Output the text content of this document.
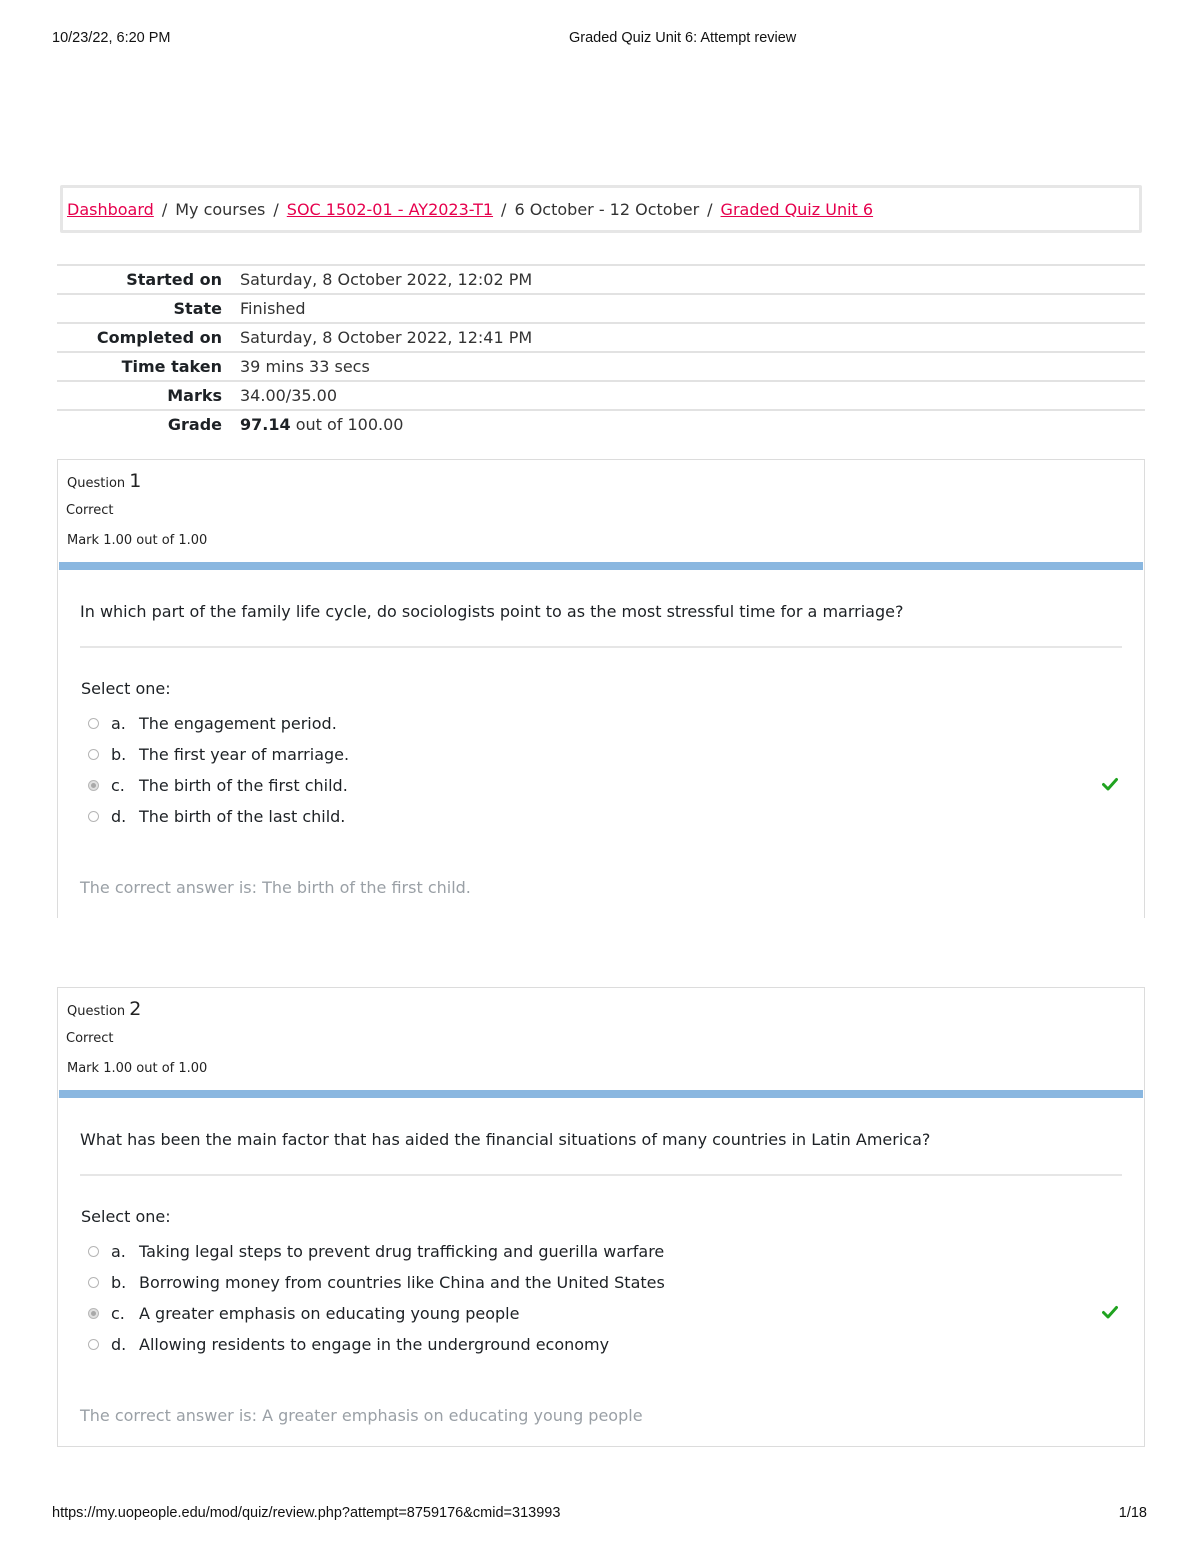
10/23/22, 6:20 PM	Graded Quiz Unit 6: Attempt review
Dashboard / My courses / SOC 1502-01 - AY2023-T1 / 6 October - 12 October / Graded Quiz Unit 6
Started on Saturday, 8 October 2022, 12:02 PM
State Finished
Completed on Saturday, 8 October 2022, 12:41 PM
Time taken 39 mins 33 secs
Marks 34.00/35.00
Grade 97.14 out of 100.00
Question 1
Correct
Mark 1.00 out of 1.00
In which part of the family life cycle, do sociologists point to as the most stressful time for a marriage?
Select one:
a. The engagement period.
b. The first year of marriage.
c. The birth of the first child.
d. The birth of the last child.
The correct answer is: The birth of the first child.
Question 2
Correct
Mark 1.00 out of 1.00
What has been the main factor that has aided the financial situations of many countries in Latin America?
Select one:
a. Taking legal steps to prevent drug trafficking and guerilla warfare
b. Borrowing money from countries like China and the United States
c. A greater emphasis on educating young people
d. Allowing residents to engage in the underground economy
The correct answer is: A greater emphasis on educating young people
https://my.uopeople.edu/mod/quiz/review.php?attempt=8759176&cmid=313993	1/18
